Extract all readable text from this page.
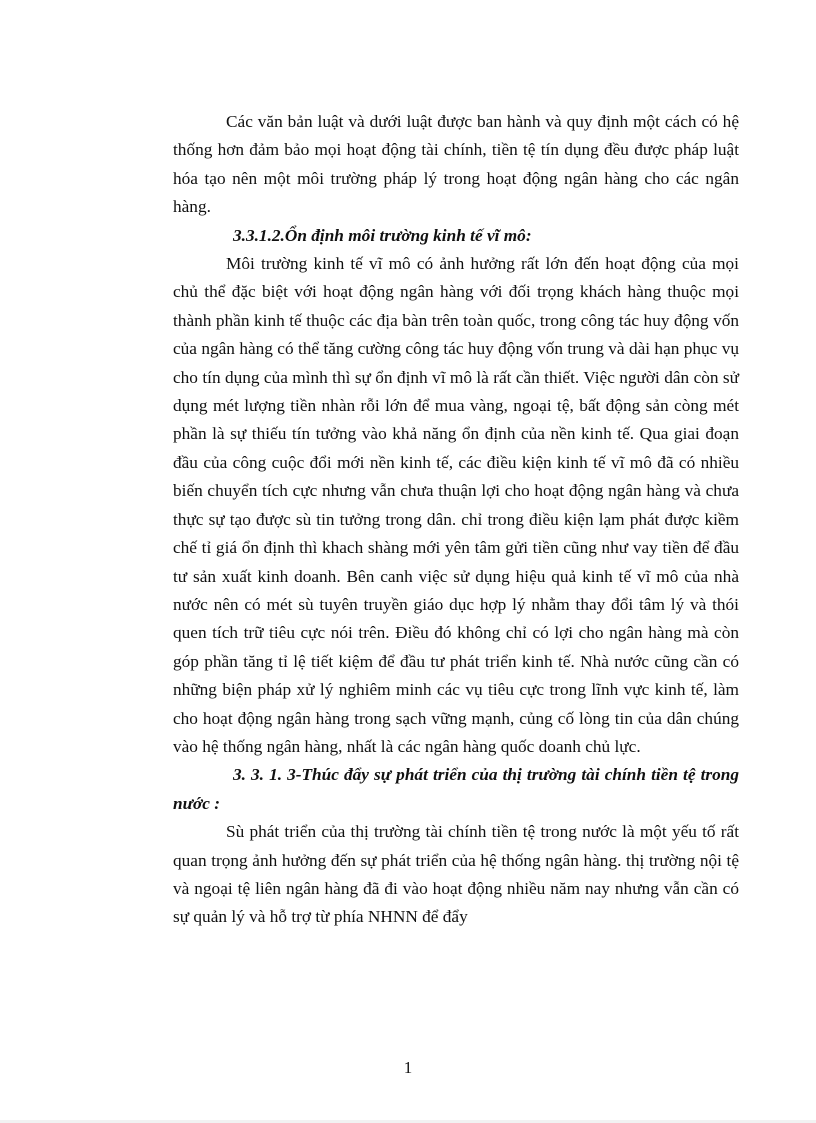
Các văn bản luật và dưới luật được ban hành và quy định một cách có hệ thống hơn đảm bảo mọi hoạt động tài chính, tiền tệ tín dụng đều được pháp luật hóa tạo nên một môi trường pháp lý trong hoạt động ngân hàng cho các ngân hàng.

3.3.1.2.Ổn định môi trường kinh tế vĩ mô:

Môi trường kinh tế vĩ mô có ảnh hưởng rất lớn đến hoạt động của mọi chủ thể đặc biệt với hoạt động ngân hàng với đối trọng khách hàng thuộc mọi thành phần kinh tế thuộc các địa bàn trên toàn quốc, trong công tác huy động vốn của ngân hàng có thể tăng cường công tác huy động vốn trung và dài hạn phục vụ cho tín dụng của mình thì sự ổn định vĩ mô là rất cần thiết. Việc người dân còn sử dụng mét lượng tiền nhàn rỗi lớn để mua vàng, ngoại tệ, bất động sản còng mét phần là sự thiếu tín tưởng vào khả năng ổn định của nền kinh tế. Qua giai đoạn đầu của công cuộc đổi mới nền kinh tế, các điều kiện kinh tế vĩ mô đã có nhiều biến chuyển tích cực nhưng vẫn chưa thuận lợi cho hoạt động ngân hàng và chưa thực sự tạo được sù tin tưởng trong dân. chỉ trong điều kiện lạm phát được kiềm chế tỉ giá ổn định thì khach shàng mới yên tâm gửi tiền cũng như vay tiền để đầu tư sản xuất kinh doanh. Bên canh việc sử dụng hiệu quả kinh tế vĩ mô của nhà nước nên có mét sù tuyên truyền giáo dục hợp lý nhằm thay đổi tâm lý và thói quen tích trữ tiêu cực nói trên. Điều đó không chỉ có lợi cho ngân hàng mà còn góp phần tăng tỉ lệ tiết kiệm để đầu tư phát triển kinh tế. Nhà nước cũng cần có những biện pháp xử lý nghiêm minh các vụ tiêu cực trong lĩnh vực kinh tế, làm cho hoạt động ngân hàng trong sạch vững mạnh, củng cố lòng tin của dân chúng vào hệ thống ngân hàng, nhất là các ngân hàng quốc doanh chủ lực.

3. 3. 1. 3-Thúc đẩy sự phát triển của thị trường tài chính tiền tệ trong nước :

Sù phát triển của thị trường tài chính tiền tệ trong nước là một yếu tố rất quan trọng ảnh hưởng đến sự phát triển của hệ thống ngân hàng. thị trường nội tệ và ngoại tệ liên ngân hàng đã đi vào hoạt động nhiều năm nay nhưng vẫn cần có sự quản lý và hỗ trợ từ phía NHNN để đẩy

1
